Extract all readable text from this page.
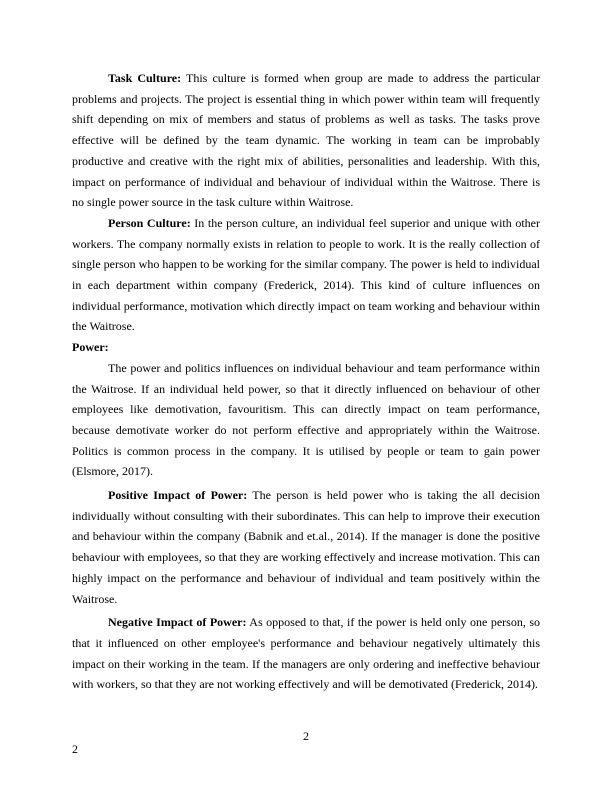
Task Culture: This culture is formed when group are made to address the particular problems and projects. The project is essential thing in which power within team will frequently shift depending on mix of members and status of problems as well as tasks. The tasks prove effective will be defined by the team dynamic. The working in team can be improbably productive and creative with the right mix of abilities, personalities and leadership. With this, impact on performance of individual and behaviour of individual within the Waitrose. There is no single power source in the task culture within Waitrose.

Person Culture: In the person culture, an individual feel superior and unique with other workers. The company normally exists in relation to people to work. It is the really collection of single person who happen to be working for the similar company. The power is held to individual in each department within company (Frederick, 2014). This kind of culture influences on individual performance, motivation which directly impact on team working and behaviour within the Waitrose.

Power:

The power and politics influences on individual behaviour and team performance within the Waitrose. If an individual held power, so that it directly influenced on behaviour of other employees like demotivation, favouritism. This can directly impact on team performance, because demotivate worker do not perform effective and appropriately within the Waitrose. Politics is common process in the company. It is utilised by people or team to gain power (Elsmore, 2017).

Positive Impact of Power: The person is held power who is taking the all decision individually without consulting with their subordinates. This can help to improve their execution and behaviour within the company (Babnik and et.al., 2014). If the manager is done the positive behaviour with employees, so that they are working effectively and increase motivation. This can highly impact on the performance and behaviour of individual and team positively within the Waitrose.

Negative Impact of Power: As opposed to that, if the power is held only one person, so that it influenced on other employee's performance and behaviour negatively ultimately this impact on their working in the team. If the managers are only ordering and ineffective behaviour with workers, so that they are not working effectively and will be demotivated (Frederick, 2014).

2
2
